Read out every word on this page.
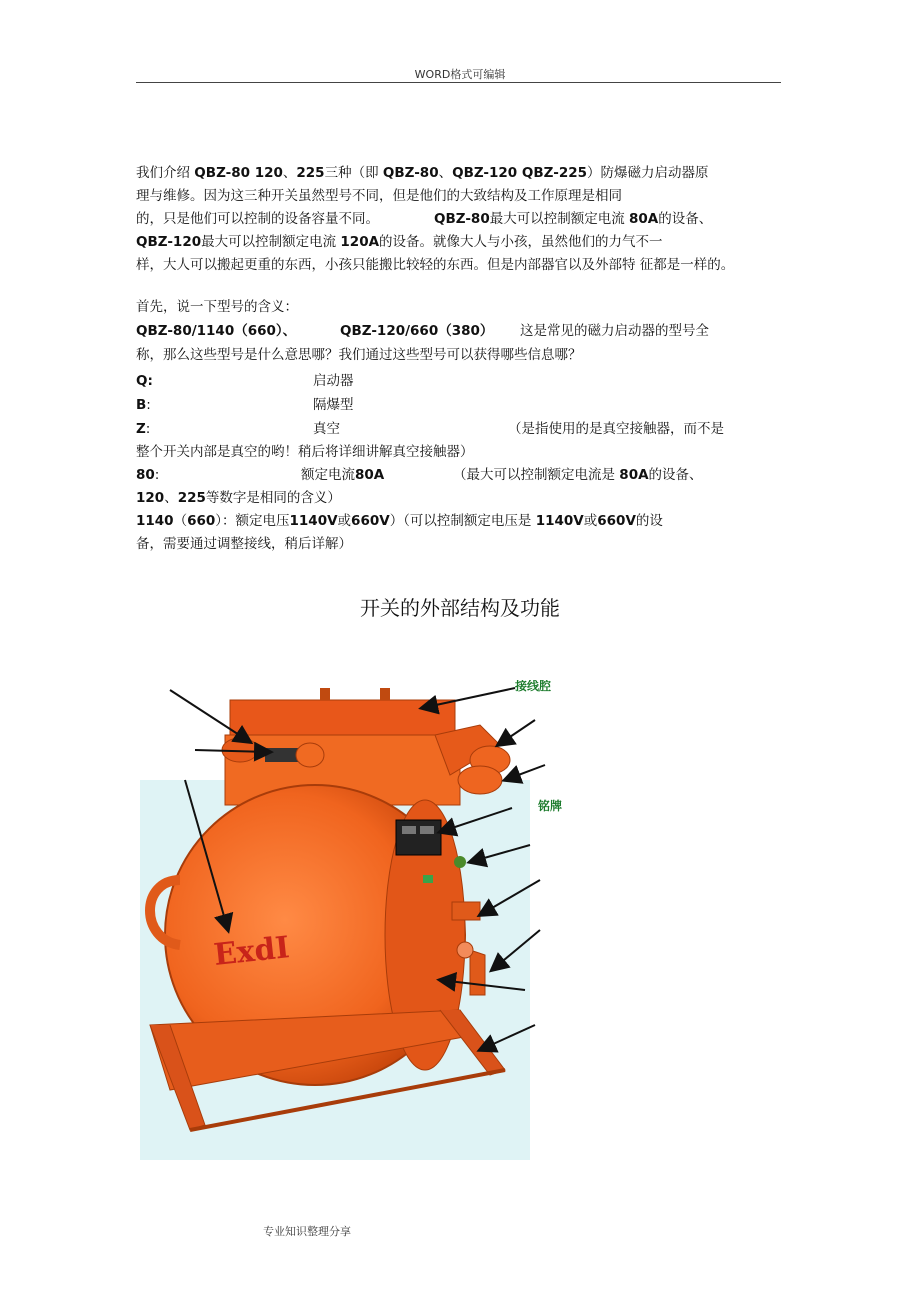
WORD格式可编辑
我们介绍 QBZ-80 120、225三种（即 QBZ-80、QBZ-120 QBZ-225）防爆磁力启动器原
理与维修。因为这三种开关虽然型号不同，但是他们的大致结构及工作原理是相同
的，只是他们可以控制的设备容量不同。	QBZ-80最大可以控制额定电流 80A的设备、
QBZ-120最大可以控制额定电流 120A的设备。就像大人与小孩，虽然他们的力气不一
样，大人可以搬起更重的东西，小孩只能搬比较轻的东西。但是内部器官以及外部特 征都是一样的。
首先，说一下型号的含义：
QBZ-80/1140（660）、	QBZ-120/660（380） 这是常见的磁力启动器的型号全
称，那么这些型号是什么意思哪？我们通过这些型号可以获得哪些信息哪？
Q:	启动器
B:	隔爆型
Z:	真空	（是指使用的是真空接触器，而不是
整个开关内部是真空的哟！稍后将详细讲解真空接触器）
80:	额定电流80A	（最大可以控制额定电流是 80A的设备、
120、225等数字是相同的含义）
1140（660）：额定电压1140V或660V）（可以控制额定电压是 1140V或660V的设
备，需要通过调整接线，稍后详解）
开关的外部结构及功能
ExdI
接线腔
铭牌
专业知识整理分享
